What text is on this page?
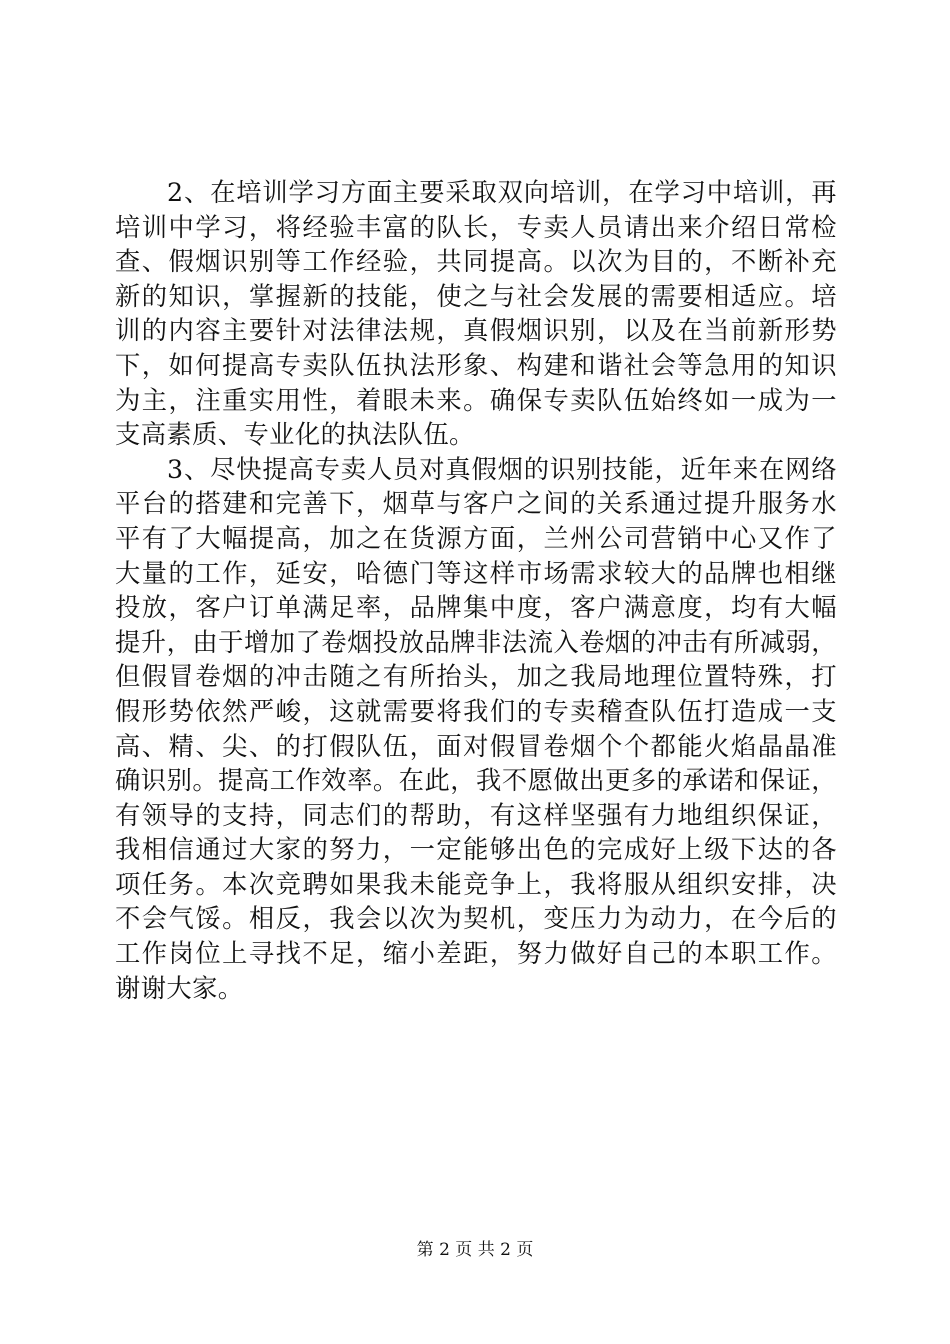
2、在培训学习方面主要采取双向培训，在学习中培训，再
培训中学习，将经验丰富的队长，专卖人员请出来介绍日常检
查、假烟识别等工作经验，共同提高。以次为目的，不断补充
新的知识，掌握新的技能，使之与社会发展的需要相适应。培
训的内容主要针对法律法规，真假烟识别，以及在当前新形势
下，如何提高专卖队伍执法形象、构建和谐社会等急用的知识
为主，注重实用性，着眼未来。确保专卖队伍始终如一成为一
支高素质、专业化的执法队伍。
3、尽快提高专卖人员对真假烟的识别技能，近年来在网络
平台的搭建和完善下，烟草与客户之间的关系通过提升服务水
平有了大幅提高，加之在货源方面，兰州公司营销中心又作了
大量的工作，延安，哈德门等这样市场需求较大的品牌也相继
投放，客户订单满足率，品牌集中度，客户满意度，均有大幅
提升，由于增加了卷烟投放品牌非法流入卷烟的冲击有所减弱，
但假冒卷烟的冲击随之有所抬头，加之我局地理位置特殊，打
假形势依然严峻，这就需要将我们的专卖稽查队伍打造成一支
高、精、尖、的打假队伍，面对假冒卷烟个个都能火焰晶晶准
确识别。提高工作效率。在此，我不愿做出更多的承诺和保证，
有领导的支持，同志们的帮助，有这样坚强有力地组织保证，
我相信通过大家的努力，一定能够出色的完成好上级下达的各
项任务。本次竞聘如果我未能竞争上，我将服从组织安排，决
不会气馁。相反，我会以次为契机，变压力为动力，在今后的
工作岗位上寻找不足，缩小差距，努力做好自己的本职工作。
谢谢大家。
第 2 页 共 2 页
